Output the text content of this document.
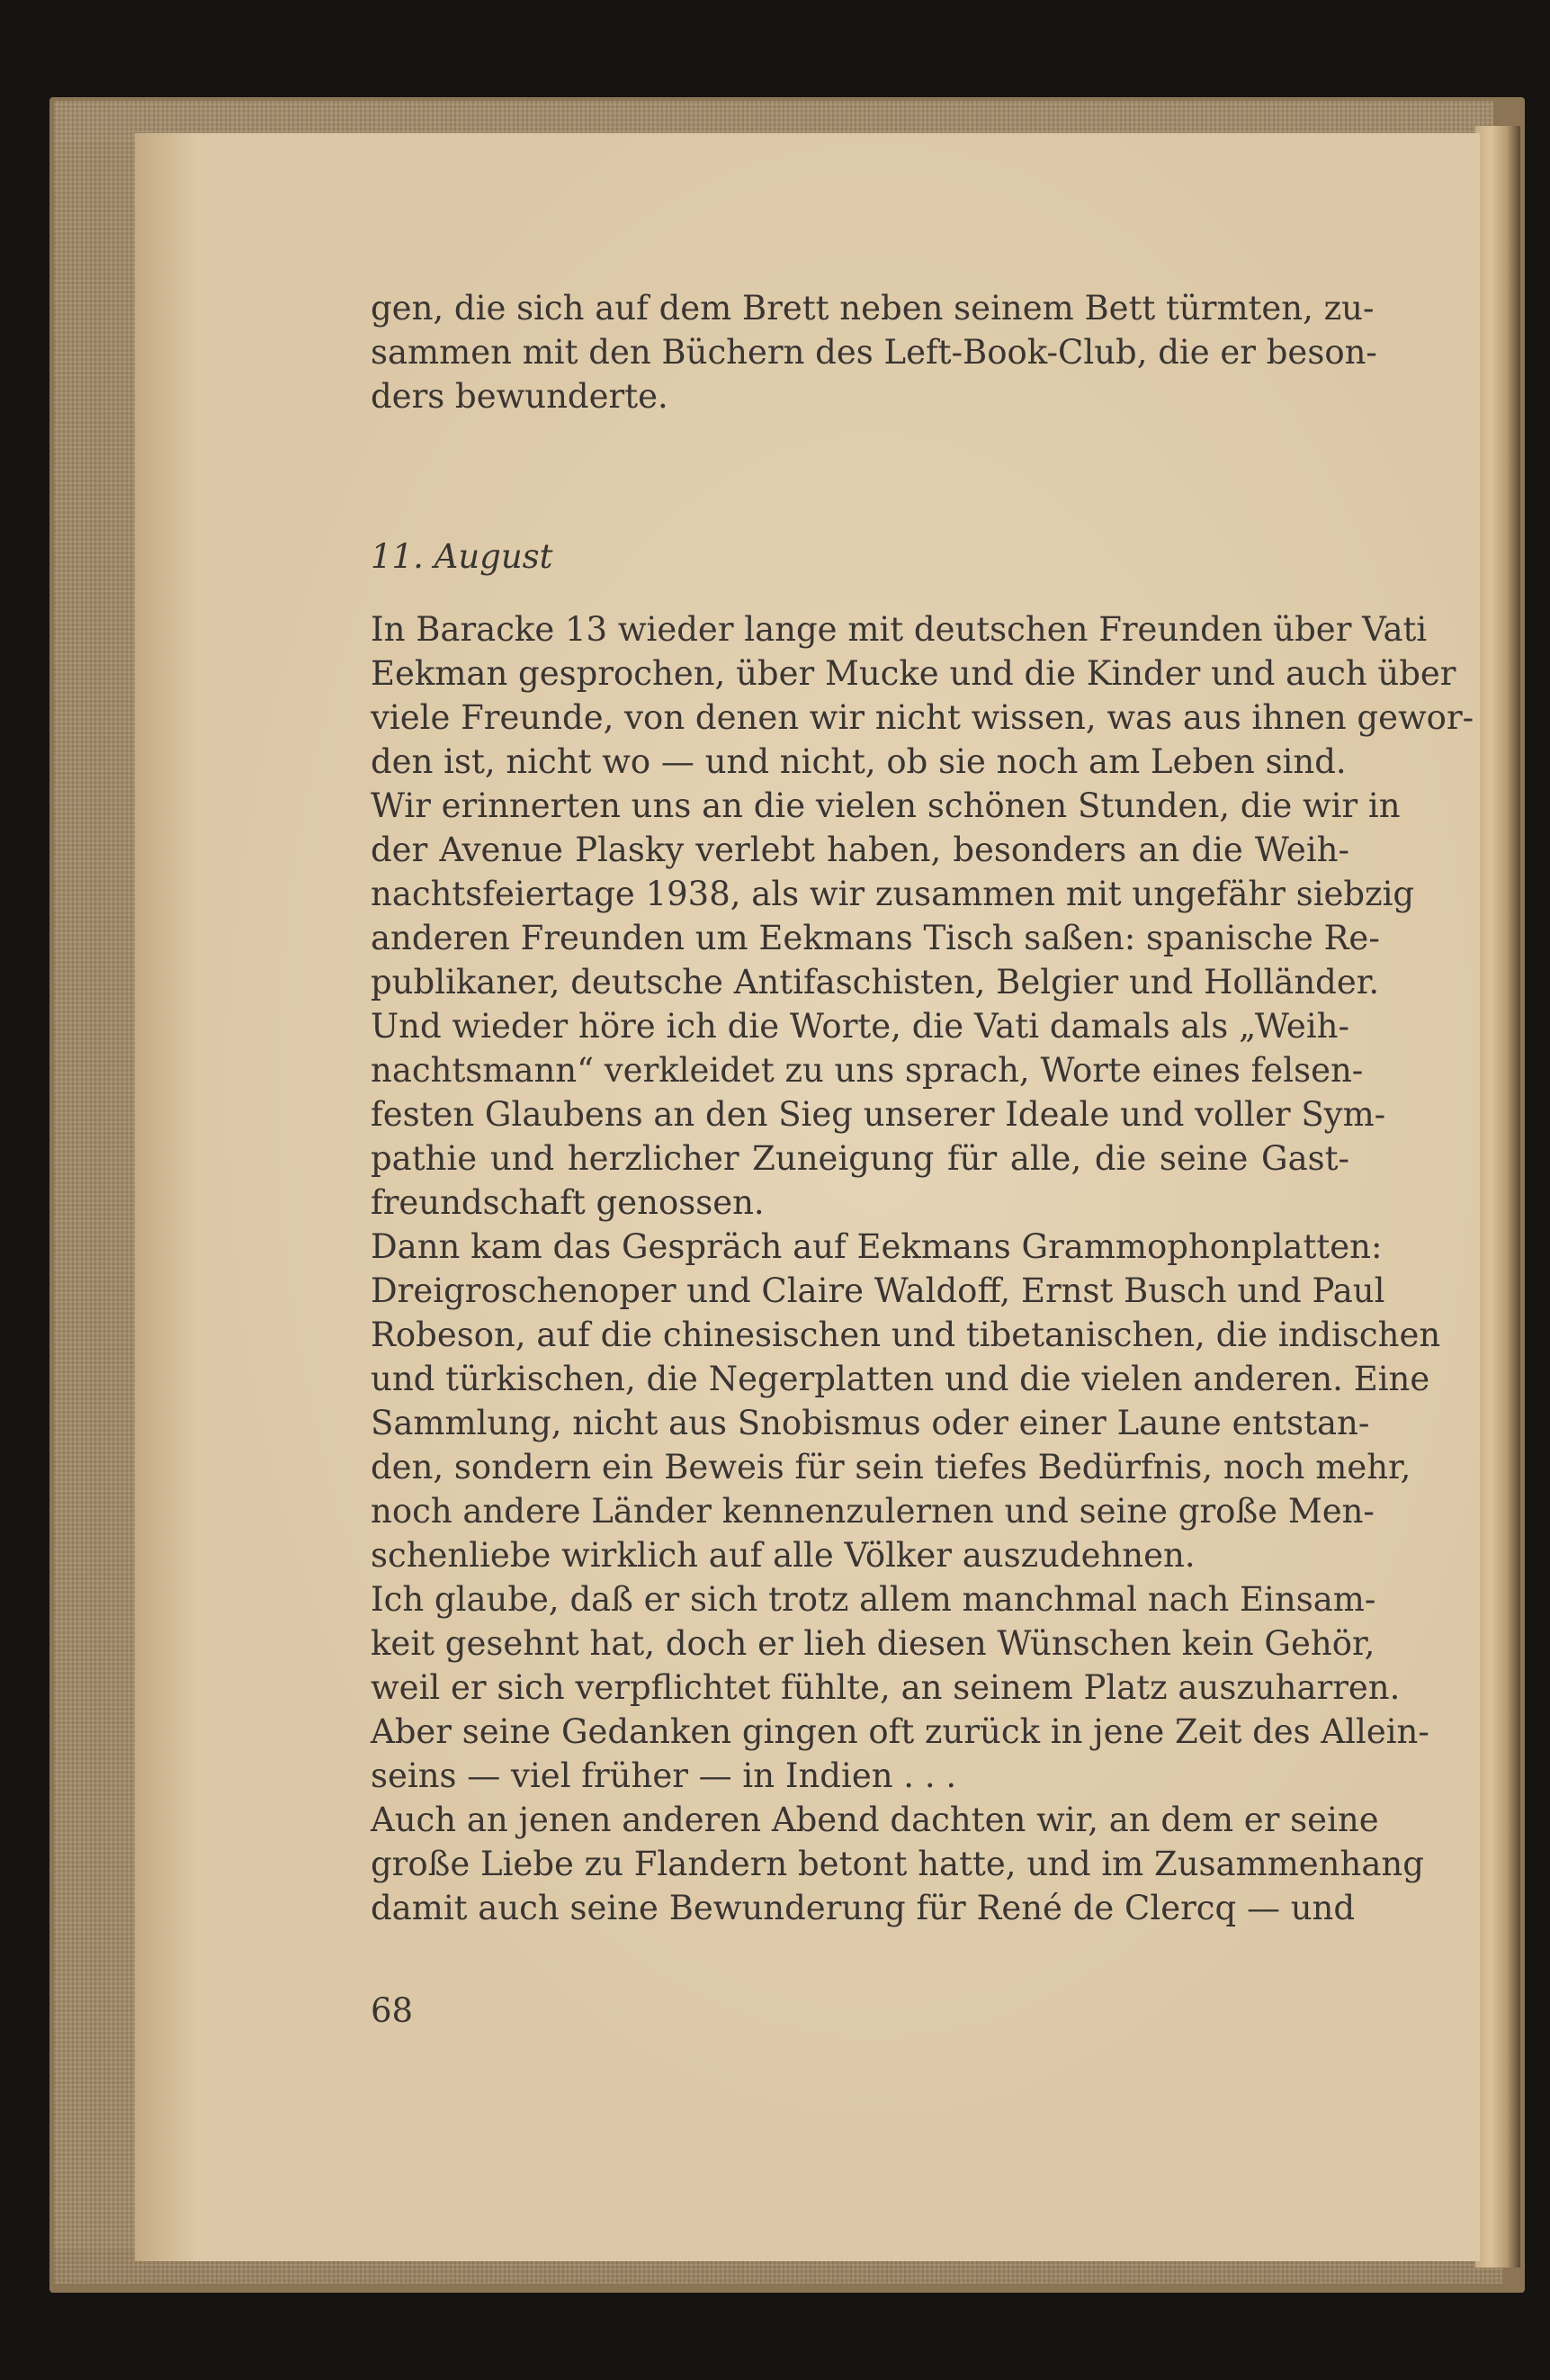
gen, die sich auf dem Brett neben seinem Bett türmten, zu-
sammen mit den Büchern des Left-Book-Club, die er beson-
ders bewunderte.
11. August
In Baracke 13 wieder lange mit deutschen Freunden über Vati
Eekman gesprochen, über Mucke und die Kinder und auch über
viele Freunde, von denen wir nicht wissen, was aus ihnen gewor-
den ist, nicht wo — und nicht, ob sie noch am Leben sind.
Wir erinnerten uns an die vielen schönen Stunden, die wir in
der Avenue Plasky verlebt haben, besonders an die Weih-
nachtsfeiertage 1938, als wir zusammen mit ungefähr siebzig
anderen Freunden um Eekmans Tisch saßen: spanische Re-
publikaner, deutsche Antifaschisten, Belgier und Holländer.
Und wieder höre ich die Worte, die Vati damals als „Weih-
nachtsmann“ verkleidet zu uns sprach, Worte eines felsen-
festen Glaubens an den Sieg unserer Ideale und voller Sym-
pathie und herzlicher Zuneigung für alle, die seine Gast-
freundschaft genossen.
Dann kam das Gespräch auf Eekmans Grammophonplatten:
Dreigroschenoper und Claire Waldoff, Ernst Busch und Paul
Robeson, auf die chinesischen und tibetanischen, die indischen
und türkischen, die Negerplatten und die vielen anderen. Eine
Sammlung, nicht aus Snobismus oder einer Laune entstan-
den, sondern ein Beweis für sein tiefes Bedürfnis, noch mehr,
noch andere Länder kennenzulernen und seine große Men-
schenliebe wirklich auf alle Völker auszudehnen.
Ich glaube, daß er sich trotz allem manchmal nach Einsam-
keit gesehnt hat, doch er lieh diesen Wünschen kein Gehör,
weil er sich verpflichtet fühlte, an seinem Platz auszuharren.
Aber seine Gedanken gingen oft zurück in jene Zeit des Allein-
seins — viel früher — in Indien . . .
Auch an jenen anderen Abend dachten wir, an dem er seine
große Liebe zu Flandern betont hatte, und im Zusammenhang
damit auch seine Bewunderung für René de Clercq — und
68
